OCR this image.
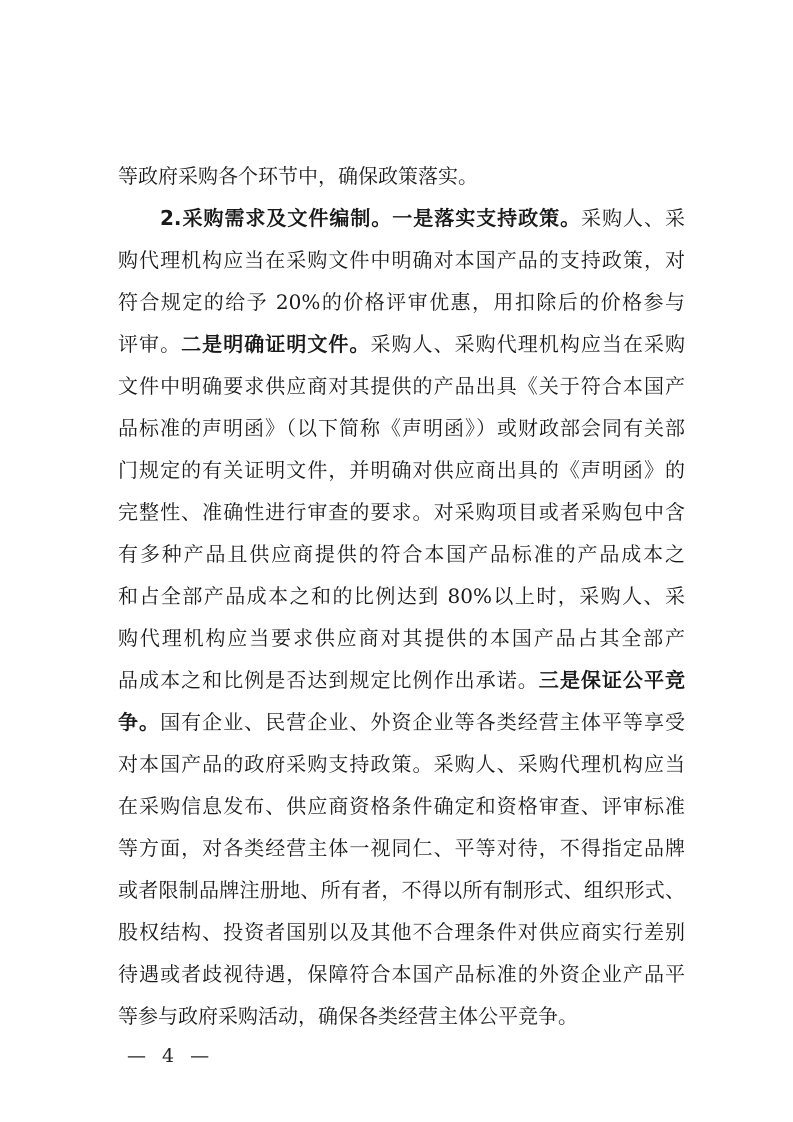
等政府采购各个环节中，确保政策落实。
2.采购需求及文件编制。一是落实支持政策。采购人、采
购代理机构应当在采购文件中明确对本国产品的支持政策，对
符合规定的给予 20%的价格评审优惠，用扣除后的价格参与
评审。二是明确证明文件。采购人、采购代理机构应当在采购
文件中明确要求供应商对其提供的产品出具《关于符合本国产
品标准的声明函》（以下简称《声明函》）或财政部会同有关部
门规定的有关证明文件，并明确对供应商出具的《声明函》的
完整性、准确性进行审查的要求。对采购项目或者采购包中含
有多种产品且供应商提供的符合本国产品标准的产品成本之
和占全部产品成本之和的比例达到 80%以上时，采购人、采
购代理机构应当要求供应商对其提供的本国产品占其全部产
品成本之和比例是否达到规定比例作出承诺。三是保证公平竞
争。国有企业、民营企业、外资企业等各类经营主体平等享受
对本国产品的政府采购支持政策。采购人、采购代理机构应当
在采购信息发布、供应商资格条件确定和资格审查、评审标准
等方面，对各类经营主体一视同仁、平等对待，不得指定品牌
或者限制品牌注册地、所有者，不得以所有制形式、组织形式、
股权结构、投资者国别以及其他不合理条件对供应商实行差别
待遇或者歧视待遇，保障符合本国产品标准的外资企业产品平
等参与政府采购活动，确保各类经营主体公平竞争。
— 4 —
